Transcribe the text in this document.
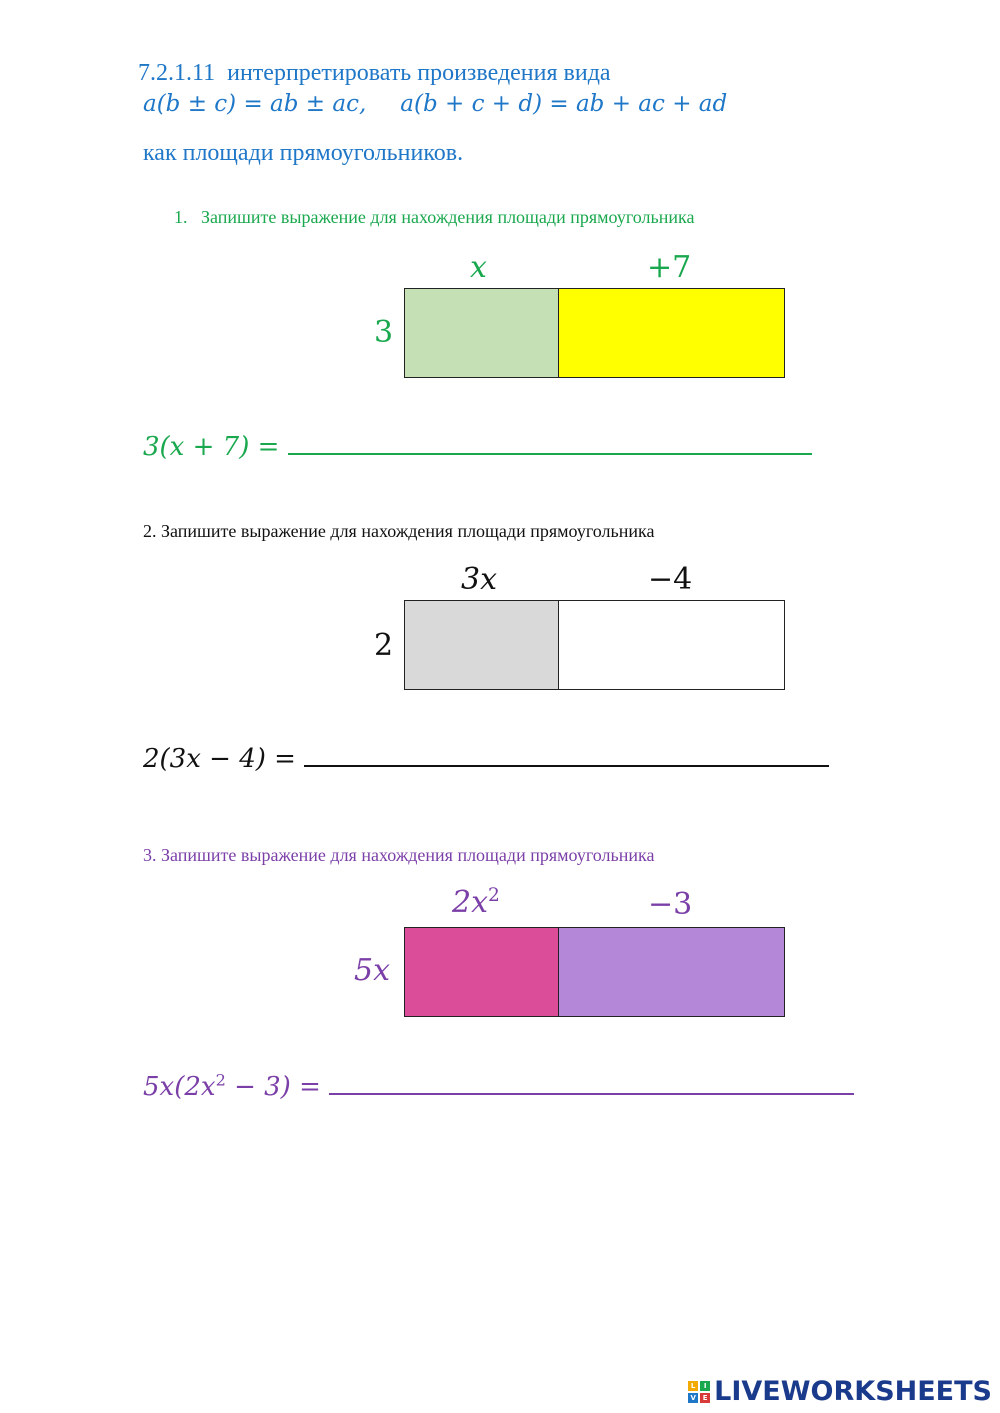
7.2.1.11 интерпретировать произведения вида
a(b ± c) = ab ± ac, a(b + c + d) = ab + ac + ad
как площади прямоугольников.
1. Запишите выражение для нахождения площади прямоугольника
x	+7
3
3(x + 7) =
2. Запишите выражение для нахождения площади прямоугольника
3x	−4
2
2(3x − 4) =
3. Запишите выражение для нахождения площади прямоугольника
$2x^2$	−3
5x
$5x(2x^2 - 3)$ =
L	I
V E LIVEWORKSHEETS
